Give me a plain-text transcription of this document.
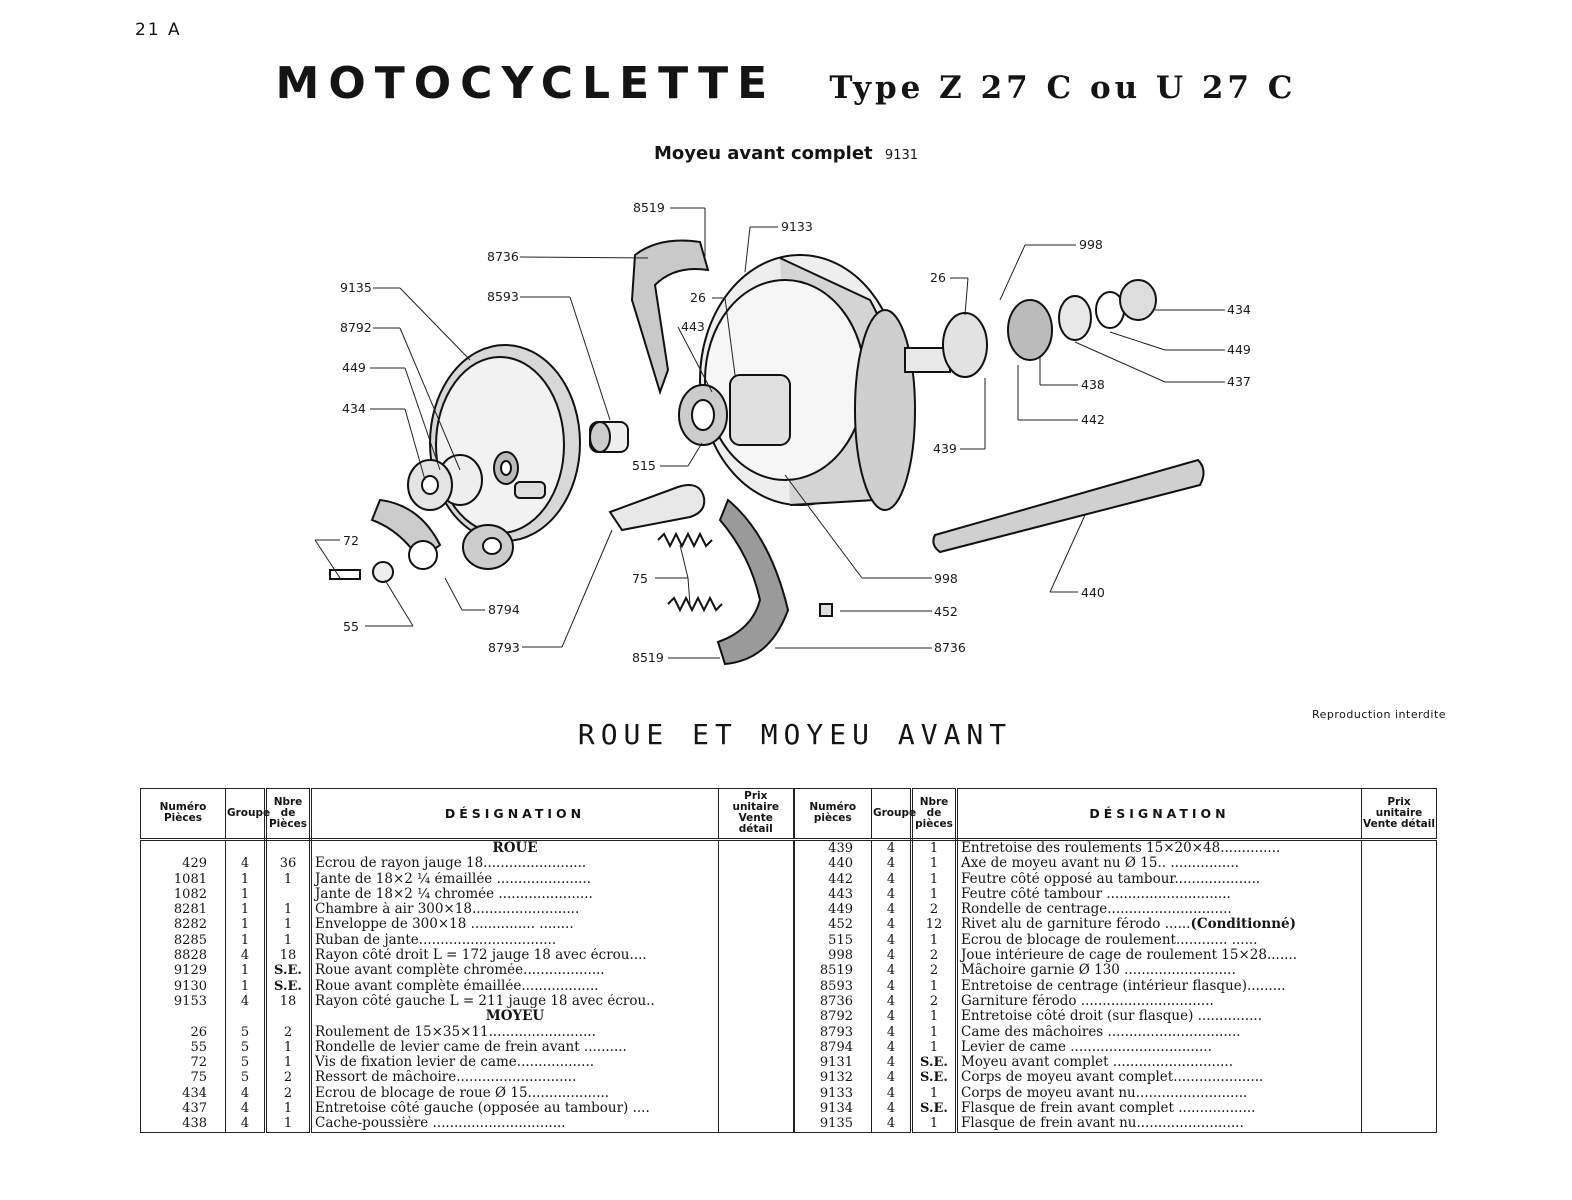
21 A
MOTOCYCLETTE Type Z 27 C ou U 27 C
Moyeu avant complet 9131
8519
8736
9133
998
26
9135
8593
8792
26
443
449
434
434
449
437
438
442
439
515
72
55
8794
8793
75
452
8519
8736
998
440
Reproduction interdite
ROUE ET MOYEU AVANT
Numéro Pièces	Groupe	Nbre de Pièces	DÉSIGNATION	Prix unitaire Vente détail	Numéro pièces	Groupe	Nbre de pièces	DÉSIGNATION	Prix unitaire Vente détail
			ROUE		439	4	1	Entretoise des roulements 15×20×48..............	
429	4	36	Ecrou de rayon jauge 18........................		440	4	1	Axe de moyeu avant nu Ø 15.. ................	
1081	1	1	Jante de 18×2 ¼ émaillée ......................		442	4	1	Feutre côté opposé au tambour....................	
1082	1		Jante de 18×2 ¼ chromée ......................		443	4	1	Feutre côté tambour .............................	
8281	1	1	Chambre à air 300×18.........................		449	4	2	Rondelle de centrage.............................	
8282	1	1	Enveloppe de 300×18 ............... ........		452	4	12	Rivet alu de garniture férodo ......(Conditionné)	
8285	1	1	Ruban de jante................................		515	4	1	Ecrou de blocage de roulement............ ......	
8828	4	18	Rayon côté droit L = 172 jauge 18 avec écrou....		998	4	2	Joue intérieure de cage de roulement 15×28.......	
9129	1	S.E.	Roue avant complète chromée...................		8519	4	2	Mâchoire garnie Ø 130 ..........................	
9130	1	S.E.	Roue avant complète émaillée..................		8593	4	1	Entretoise de centrage (intérieur flasque).........	
9153	4	18	Rayon côté gauche L = 211 jauge 18 avec écrou..		8736	4	2	Garniture férodo ...............................	
			MOYEU		8792	4	1	Entretoise côté droit (sur flasque) ...............	
26	5	2	Roulement de 15×35×11.........................		8793	4	1	Came des mâchoires ...............................	
55	5	1	Rondelle de levier came de frein avant ..........		8794	4	1	Levier de came .................................	
72	5	1	Vis de fixation levier de came..................		9131	4	S.E.	Moyeu avant complet ............................	
75	5	2	Ressort de mâchoire............................		9132	4	S.E.	Corps de moyeu avant complet.....................	
434	4	2	Ecrou de blocage de roue Ø 15...................		9133	4	1	Corps de moyeu avant nu..........................	
437	4	1	Entretoise côté gauche (opposée au tambour) ....		9134	4	S.E.	Flasque de frein avant complet ..................	
438	4	1	Cache-poussière ...............................		9135	4	1	Flasque de frein avant nu.........................	
